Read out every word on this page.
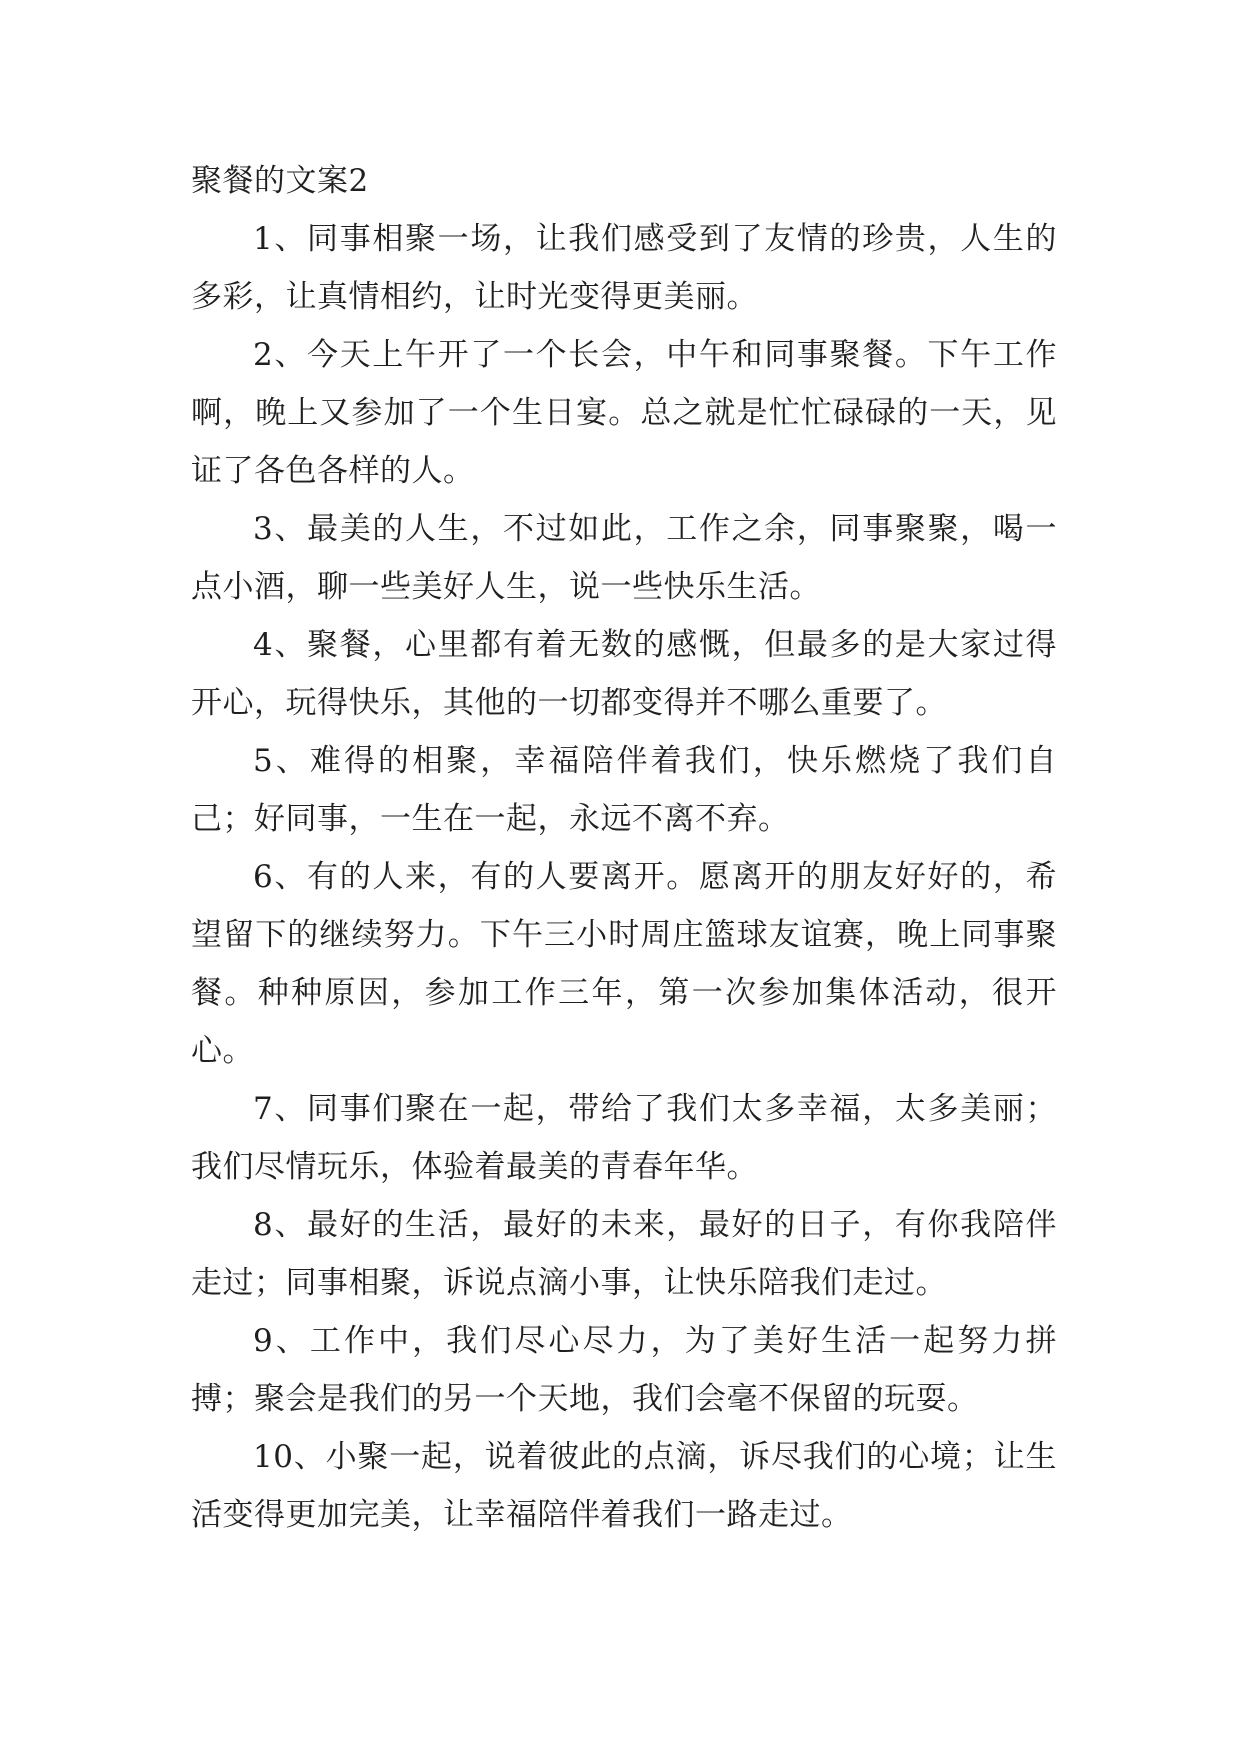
聚餐的文案2

1、同事相聚一场，让我们感受到了友情的珍贵，人生的多彩，让真情相约，让时光变得更美丽。

2、今天上午开了一个长会，中午和同事聚餐。下午工作啊，晚上又参加了一个生日宴。总之就是忙忙碌碌的一天，见证了各色各样的人。

3、最美的人生，不过如此，工作之余，同事聚聚，喝一点小酒，聊一些美好人生，说一些快乐生活。

4、聚餐，心里都有着无数的感慨，但最多的是大家过得开心，玩得快乐，其他的一切都变得并不哪么重要了。

5、难得的相聚，幸福陪伴着我们，快乐燃烧了我们自己；好同事，一生在一起，永远不离不弃。

6、有的人来，有的人要离开。愿离开的朋友好好的，希望留下的继续努力。下午三小时周庄篮球友谊赛，晚上同事聚餐。种种原因，参加工作三年，第一次参加集体活动，很开心。

7、同事们聚在一起，带给了我们太多幸福，太多美丽；我们尽情玩乐，体验着最美的青春年华。

8、最好的生活，最好的未来，最好的日子，有你我陪伴走过；同事相聚，诉说点滴小事，让快乐陪我们走过。

9、工作中，我们尽心尽力，为了美好生活一起努力拼搏；聚会是我们的另一个天地，我们会毫不保留的玩耍。

10、小聚一起，说着彼此的点滴，诉尽我们的心境；让生活变得更加完美，让幸福陪伴着我们一路走过。
